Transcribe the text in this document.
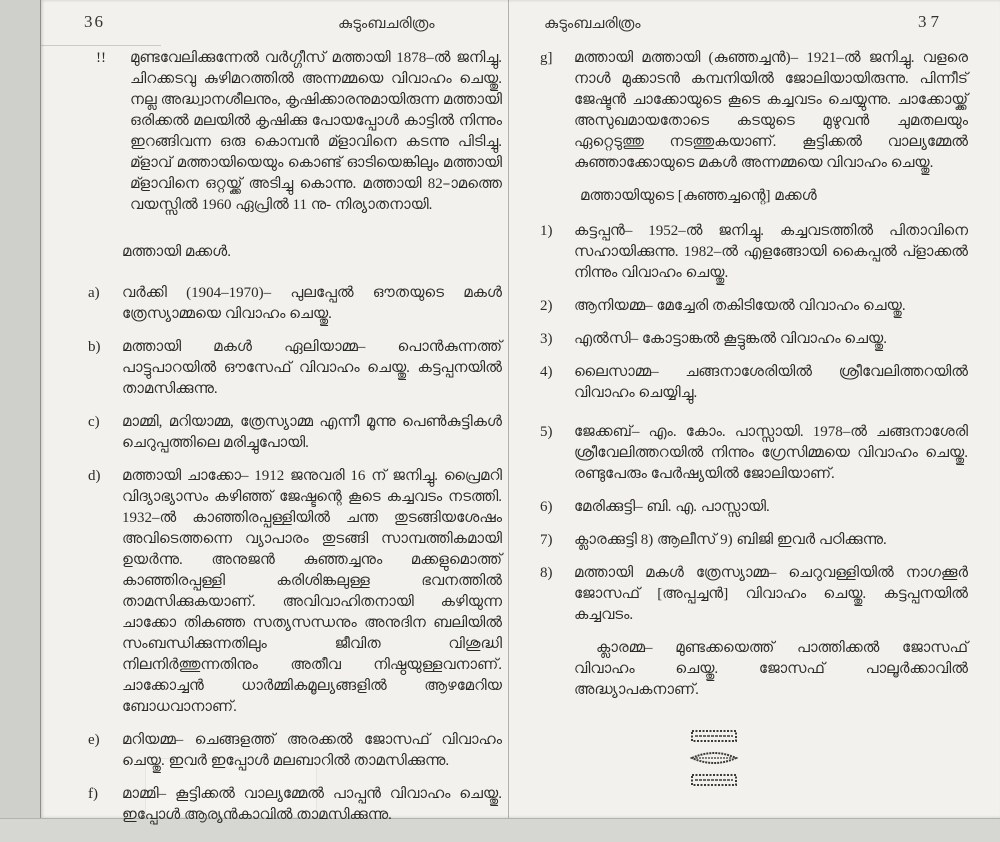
36	കുടുംബചരിത്രം
!!	മുണ്ടവേലിക്കുന്നേൽ വർഗ്ഗീസ് മത്തായി 1878–ൽ ജനിച്ചു. ചിറക്കടവു കുഴിമറത്തിൽ അന്നമ്മയെ വിവാഹം ചെയ്തു. നല്ല അദ്ധ്വാനശീലനും, കൃഷിക്കാരനുമായിരുന്ന മത്തായി ഒരിക്കൽ മലയിൽ കൃഷിക്കു പോയപ്പോൾ കാട്ടിൽ നിന്നും ഇറങ്ങിവന്ന ഒരു കൊമ്പൻ മ്ളാവിനെ കടന്നു പിടിച്ചു. മ്ളാവ് മത്തായിയെയും കൊണ്ട് ഓടിയെങ്കിലും മത്തായി മ്ളാവിനെ ഒറ്റയ്ക്ക് അടിച്ചു കൊന്നു. മത്തായി 82–ാമത്തെ വയസ്സിൽ 1960 ഏപ്രിൽ 11 നു- നിര്യാതനായി.
മത്തായി മക്കൾ.
a)	വർക്കി (1904–1970)– പുലപ്പേൽ ഔതയുടെ മകൾ ത്രേസ്യാമ്മയെ വിവാഹം ചെയ്തു.
b)	മത്തായി മകൾ ഏലിയാമ്മ– പൊൻകുന്നത്ത് പാട്ടുപാറയിൽ ഔസേഫ് വിവാഹം ചെയ്തു. കട്ടപ്പനയിൽ താമസിക്കുന്നു.
c)	മാമ്മി, മറിയാമ്മ, ത്രേസ്യാമ്മ എന്നീ മൂന്നു പെൺകുട്ടികൾ ചെറുപ്പത്തിലെ മരിച്ചുപോയി.
d)	മത്തായി ചാക്കോ– 1912 ജനുവരി 16 ന് ജനിച്ചു. പ്രൈമറി വിദ്യാഭ്യാസം കഴിഞ്ഞ് ജേഷ്ടന്റെ കൂടെ കച്ചവടം നടത്തി. 1932–ൽ കാഞ്ഞിരപ്പള്ളിയിൽ ചന്ത തുടങ്ങിയശേഷം അവിടെത്തന്നെ വ്യാപാരം തുടങ്ങി സാമ്പത്തികമായി ഉയർന്നു. അനുജൻ കുഞ്ഞച്ചനും മക്കളുമൊത്ത് കാഞ്ഞിരപ്പള്ളി കരിശിങ്കലുള്ള ഭവനത്തിൽ താമസിക്കുകയാണ്. അവിവാഹിതനായി കഴിയുന്ന ചാക്കോ തികഞ്ഞ സത്യസന്ധനും അനുദിന ബലിയിൽ സംബന്ധിക്കുന്നതിലും ജീവിത വിശുദ്ധി നിലനിർത്തുന്നതിനും അതീവ നിഷ്ഠയുള്ളവനാണ്. ചാക്കോച്ചൻ ധാർമ്മികമൂല്യങ്ങളിൽ ആഴമേറിയ ബോധവാനാണ്.
e)	മറിയമ്മ– ചെങ്ങളത്ത് അരക്കൽ ജോസഫ് വിവാഹം ചെയ്തു. ഇവർ ഇപ്പോൾ മലബാറിൽ താമസിക്കുന്നു.
f)	മാമ്മി– കൂട്ടിക്കൽ വാല്യമ്മേൽ പാപ്പൻ വിവാഹം ചെയ്തു. ഇപ്പോൾ ആര്യൻകാവിൽ താമസിക്കുന്നു.
കുടുംബചരിത്രം	37
g]	മത്തായി മത്തായി (കുഞ്ഞച്ചൻ)– 1921–ൽ ജനിച്ചു. വളരെ നാൾ മുക്കാടൻ കമ്പനിയിൽ ജോലിയായിരുന്നു. പിന്നീട് ജേഷ്ടൻ ചാക്കോയുടെ കൂടെ കച്ചവടം ചെയ്യുന്നു. ചാക്കോയ്ക്ക് അസുഖമായതോടെ കടയുടെ മുഴുവൻ ചുമതലയും ഏറ്റെടുത്തു നടത്തുകയാണ്. കൂട്ടിക്കൽ വാല്യമ്മേൽ കുഞ്ഞാക്കോയുടെ മകൾ അന്നമ്മയെ വിവാഹം ചെയ്തു.
മത്തായിയുടെ [കുഞ്ഞച്ചന്റെ] മക്കൾ
1)	കട്ടപ്പൻ– 1952–ൽ ജനിച്ചു. കച്ചവടത്തിൽ പിതാവിനെ സഹായിക്കുന്നു. 1982–ൽ എളങ്ങോയി കൈപ്പൽ പ്ളാക്കൽ നിന്നും വിവാഹം ചെയ്തു.
2)	ആനിയമ്മ– മേച്ചേരി തകിടിയേൽ വിവാഹം ചെയ്തു.
3)	എൽസി– കോട്ടാങ്കൽ കൂട്ടുങ്കൽ വിവാഹം ചെയ്തു.
4)	ലൈസാമ്മ– ചങ്ങനാശേരിയിൽ ശ്രീവേലിത്തറയിൽ വിവാഹം ചെയ്യിച്ചു.
5)	ജേക്കബ്– എം. കോം. പാസ്സായി. 1978–ൽ ചങ്ങനാശേരി ശ്രീവേലിത്തറയിൽ നിന്നും ഗ്രേസിമ്മയെ വിവാഹം ചെയ്തു. രണ്ടുപേരും പേർഷ്യയിൽ ജോലിയാണ്.
6)	മേരിക്കുട്ടി– ബി. എ. പാസ്സായി.
7)	ക്ലാരക്കുട്ടി 8) ആലീസ് 9) ബിജി ഇവർ പഠിക്കുന്നു.
8)	മത്തായി മകൾ ത്രേസ്യാമ്മ– ചെറുവള്ളിയിൽ നാഗക്കൂർ ജോസഫ് [അപ്പച്ചൻ] വിവാഹം ചെയ്തു. കട്ടപ്പനയിൽ കച്ചവടം.
ക്ലാരമ്മ– മുണ്ടക്കയെത്ത് പാത്തിക്കൽ ജോസഫ് വിവാഹം ചെയ്തു. ജോസഫ് പാലൂർക്കാവിൽ അദ്ധ്യാപകനാണ്.
